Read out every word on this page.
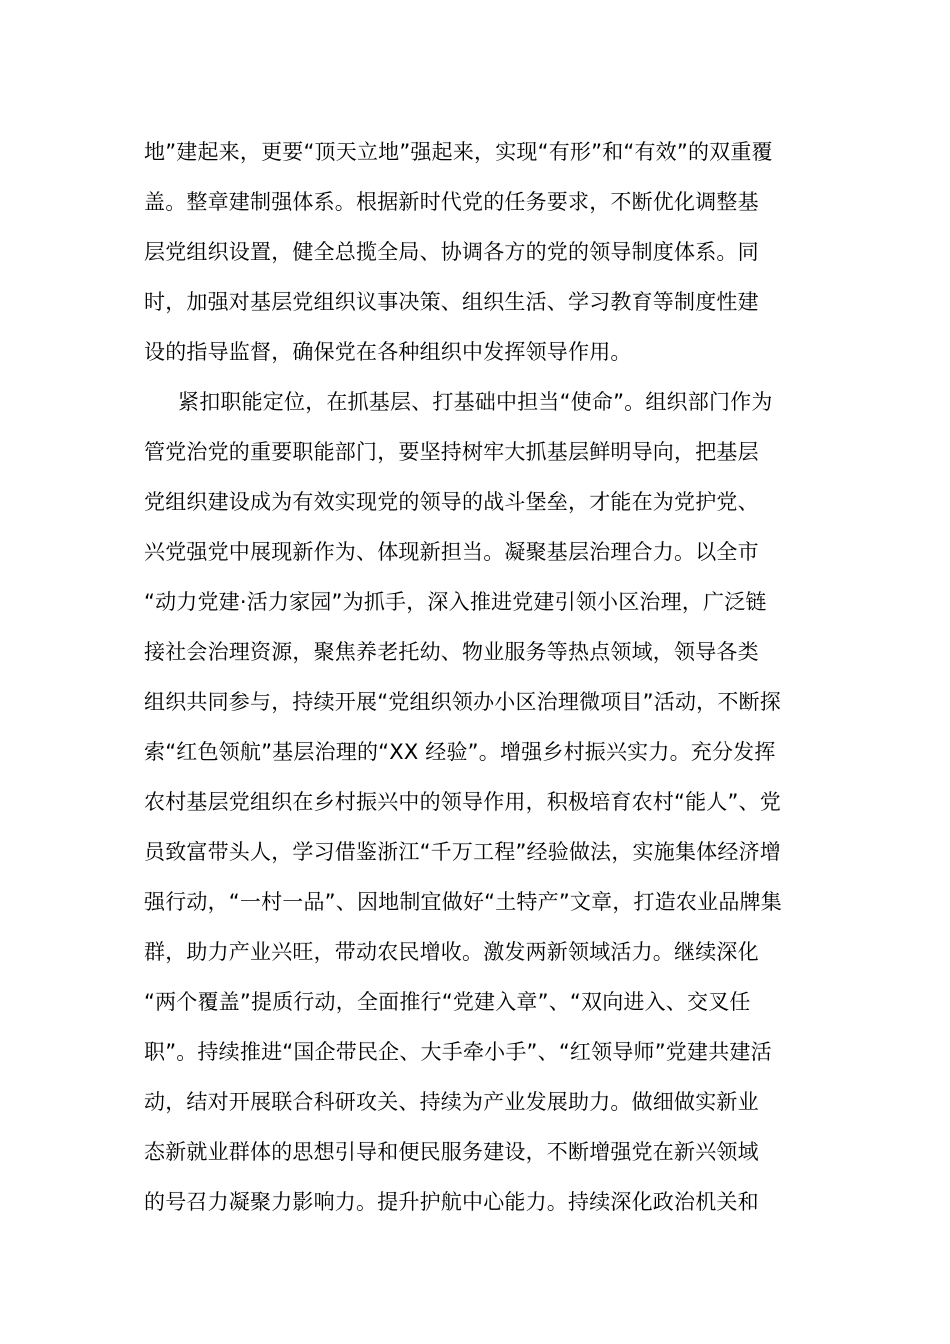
地”建起来，更要“顶天立地”强起来，实现“有形”和“有效”的双重覆
盖。整章建制强体系。根据新时代党的任务要求，不断优化调整基
层党组织设置，健全总揽全局、协调各方的党的领导制度体系。同
时，加强对基层党组织议事决策、组织生活、学习教育等制度性建
设的指导监督，确保党在各种组织中发挥领导作用。
紧扣职能定位，在抓基层、打基础中担当“使命”。组织部门作为
管党治党的重要职能部门，要坚持树牢大抓基层鲜明导向，把基层
党组织建设成为有效实现党的领导的战斗堡垒，才能在为党护党、
兴党强党中展现新作为、体现新担当。凝聚基层治理合力。以全市
“动力党建·活力家园”为抓手，深入推进党建引领小区治理，广泛链
接社会治理资源，聚焦养老托幼、物业服务等热点领域，领导各类
组织共同参与，持续开展“党组织领办小区治理微项目”活动，不断探
索“红色领航”基层治理的“XX 经验”。增强乡村振兴实力。充分发挥
农村基层党组织在乡村振兴中的领导作用，积极培育农村“能人”、党
员致富带头人，学习借鉴浙江“千万工程”经验做法，实施集体经济增
强行动，“一村一品”、因地制宜做好“土特产”文章，打造农业品牌集
群，助力产业兴旺，带动农民增收。激发两新领域活力。继续深化
“两个覆盖”提质行动，全面推行“党建入章”、“双向进入、交叉任
职”。持续推进“国企带民企、大手牵小手”、“红领导师”党建共建活
动，结对开展联合科研攻关、持续为产业发展助力。做细做实新业
态新就业群体的思想引导和便民服务建设，不断增强党在新兴领域
的号召力凝聚力影响力。提升护航中心能力。持续深化政治机关和
